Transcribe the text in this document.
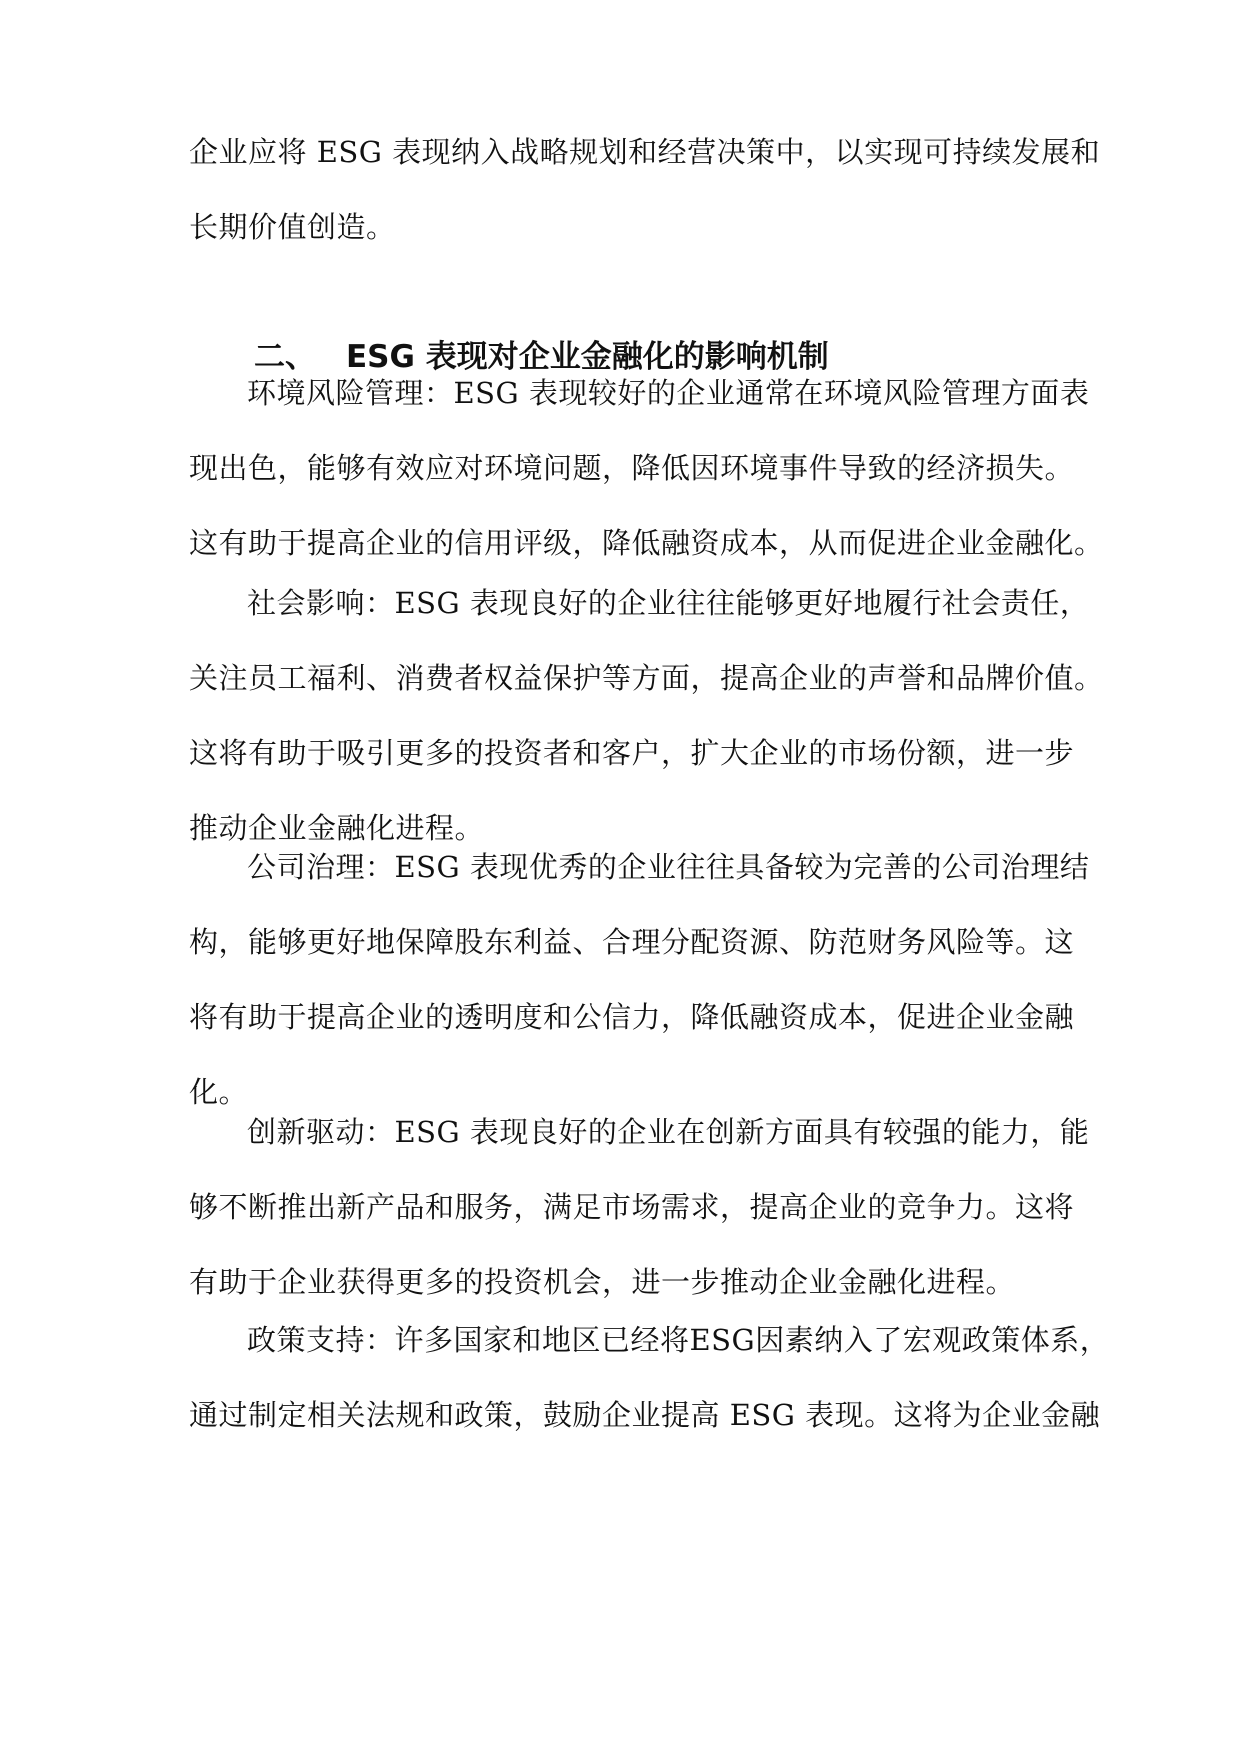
企业应将 ESG 表现纳入战略规划和经营决策中，以实现可持续发展和
长期价值创造。
二、 ESG 表现对企业金融化的影响机制
环境风险管理：ESG 表现较好的企业通常在环境风险管理方面表
现出色，能够有效应对环境问题，降低因环境事件导致的经济损失。
这有助于提高企业的信用评级，降低融资成本，从而促进企业金融化。
社会影响：ESG 表现良好的企业往往能够更好地履行社会责任，
关注员工福利、消费者权益保护等方面，提高企业的声誉和品牌价值。
这将有助于吸引更多的投资者和客户，扩大企业的市场份额，进一步
推动企业金融化进程。
公司治理：ESG 表现优秀的企业往往具备较为完善的公司治理结
构，能够更好地保障股东利益、合理分配资源、防范财务风险等。这
将有助于提高企业的透明度和公信力，降低融资成本，促进企业金融
化。
创新驱动：ESG 表现良好的企业在创新方面具有较强的能力，能
够不断推出新产品和服务，满足市场需求，提高企业的竞争力。这将
有助于企业获得更多的投资机会，进一步推动企业金融化进程。
政策支持：许多国家和地区已经将ESG因素纳入了宏观政策体系，
通过制定相关法规和政策，鼓励企业提高 ESG 表现。这将为企业金融
